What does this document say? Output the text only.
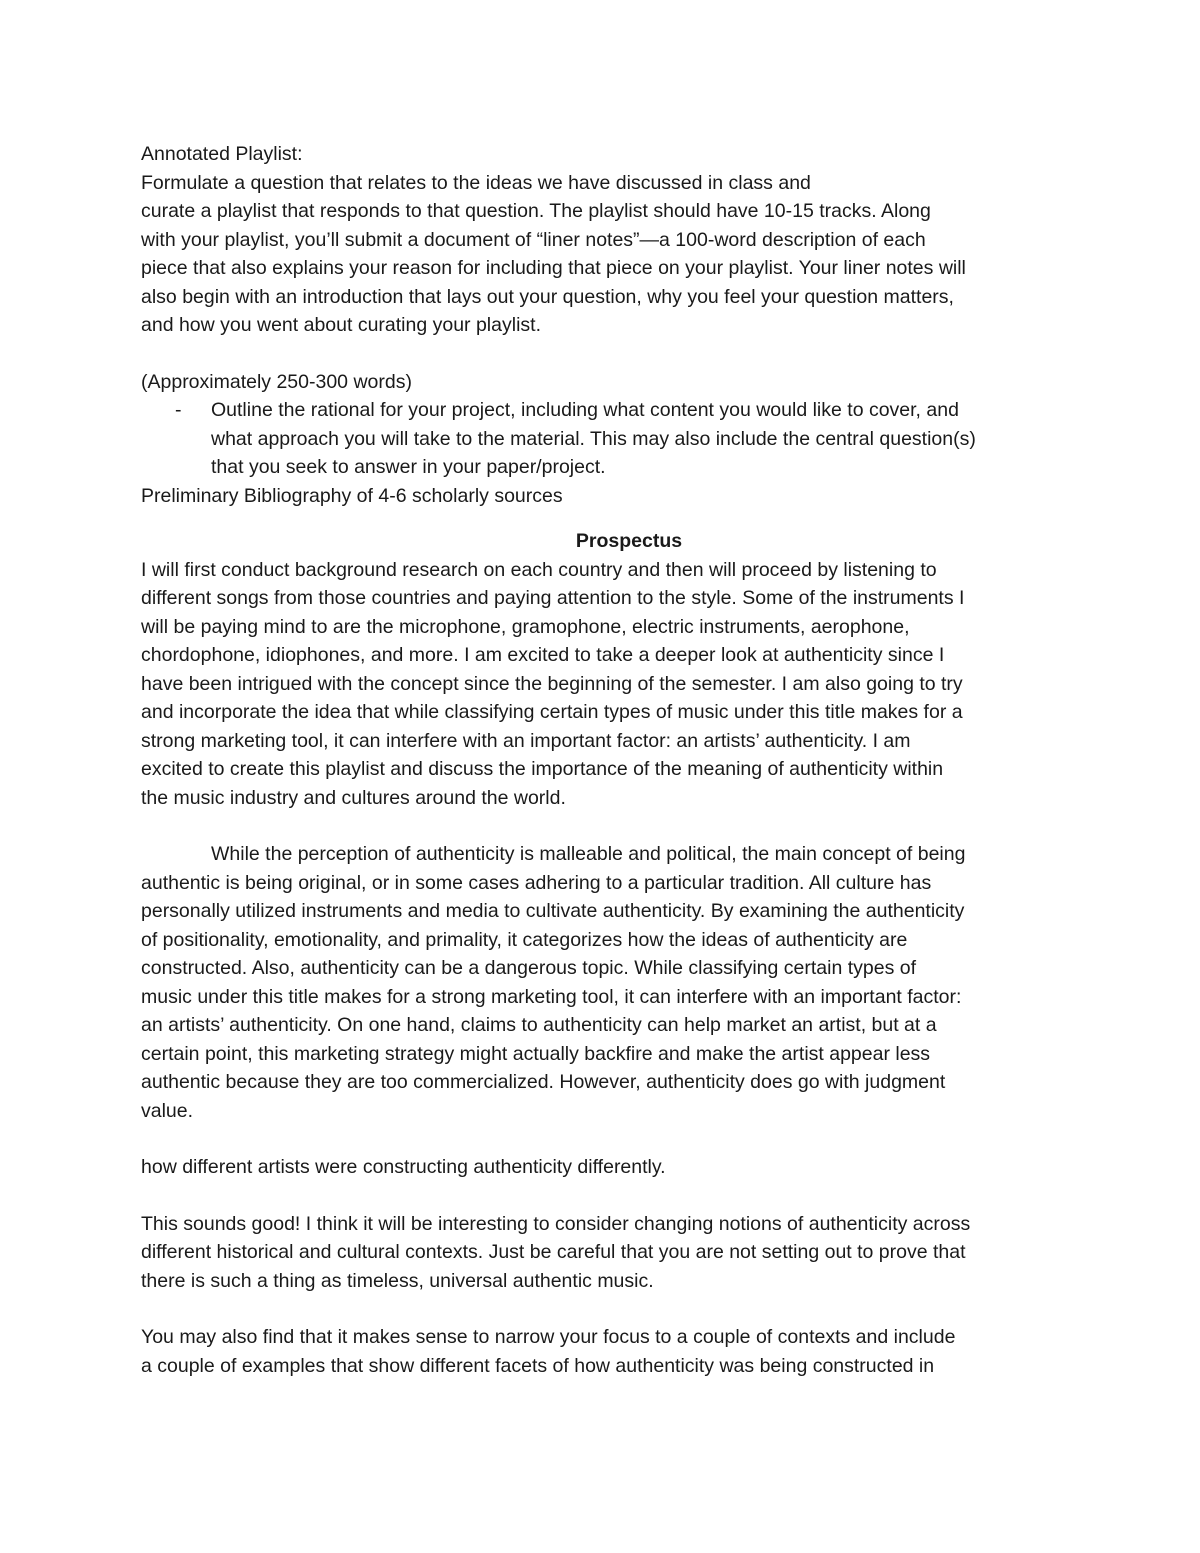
Annotated Playlist:
Formulate a question that relates to the ideas we have discussed in class and
curate a playlist that responds to that question. The playlist should have 10-15 tracks. Along
with your playlist, you’ll submit a document of “liner notes”—a 100-word description of each
piece that also explains your reason for including that piece on your playlist. Your liner notes will
also begin with an introduction that lays out your question, why you feel your question matters,
and how you went about curating your playlist.
(Approximately 250-300 words)
- Outline the rational for your project, including what content you would like to cover, and
what approach you will take to the material. This may also include the central question(s)
that you seek to answer in your paper/project.
Preliminary Bibliography of 4-6 scholarly sources
Prospectus
I will first conduct background research on each country and then will proceed by listening to
different songs from those countries and paying attention to the style. Some of the instruments I
will be paying mind to are the microphone, gramophone, electric instruments, aerophone,
chordophone, idiophones, and more. I am excited to take a deeper look at authenticity since I
have been intrigued with the concept since the beginning of the semester. I am also going to try
and incorporate the idea that while classifying certain types of music under this title makes for a
strong marketing tool, it can interfere with an important factor: an artists’ authenticity. I am
excited to create this playlist and discuss the importance of the meaning of authenticity within
the music industry and cultures around the world.
While the perception of authenticity is malleable and political, the main concept of being
authentic is being original, or in some cases adhering to a particular tradition. All culture has
personally utilized instruments and media to cultivate authenticity. By examining the authenticity
of positionality, emotionality, and primality, it categorizes how the ideas of authenticity are
constructed. Also, authenticity can be a dangerous topic. While classifying certain types of
music under this title makes for a strong marketing tool, it can interfere with an important factor:
an artists’ authenticity. On one hand, claims to authenticity can help market an artist, but at a
certain point, this marketing strategy might actually backfire and make the artist appear less
authentic because they are too commercialized. However, authenticity does go with judgment
value.
how different artists were constructing authenticity differently.
This sounds good! I think it will be interesting to consider changing notions of authenticity across
different historical and cultural contexts. Just be careful that you are not setting out to prove that
there is such a thing as timeless, universal authentic music.
You may also find that it makes sense to narrow your focus to a couple of contexts and include
a couple of examples that show different facets of how authenticity was being constructed in
